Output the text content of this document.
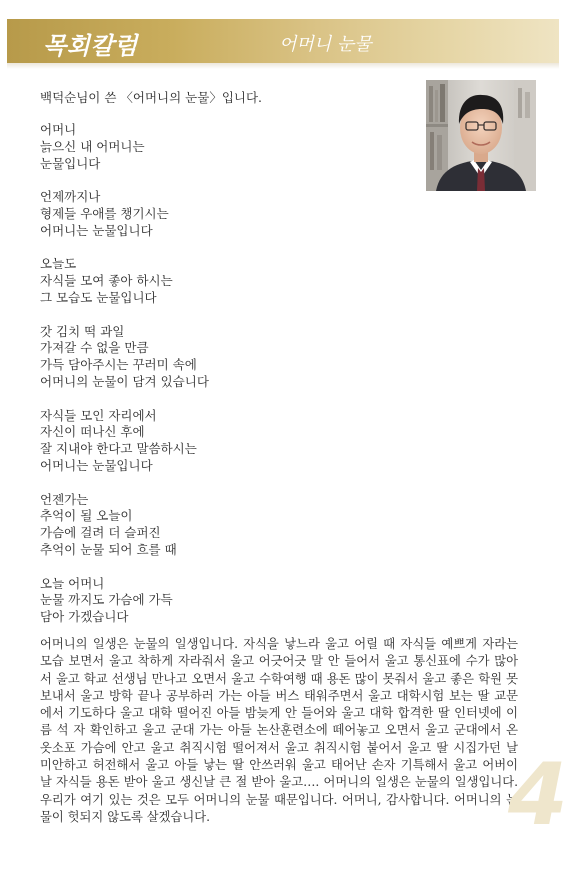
목회칼럼	어머니 눈물
백덕순님이 쓴 〈어머니의 눈물〉입니다.
어머니
늙으신 내 어머니는
눈물입니다
언제까지나
형제들 우애를 챙기시는
어머니는 눈물입니다
오늘도
자식들 모여 좋아 하시는
그 모습도 눈물입니다
갓 김치 떡 과일
가져갈 수 없을 만큼
가득 담아주시는 꾸러미 속에
어머니의 눈물이 담겨 있습니다
자식들 모인 자리에서
자신이 떠나신 후에
잘 지내야 한다고 말씀하시는
어머니는 눈물입니다
언젠가는
추억이 될 오늘이
가슴에 걸려 더 슬퍼진
추억이 눈물 되어 흐를 때
오늘 어머니
눈물 까지도 가슴에 가득
담아 가겠습니다
어머니의 일생은 눈물의 일생입니다. 자식을 낳느라 울고 어릴 때 자식들 예쁘게 자라는 모습 보면서 울고 착하게 자라줘서 울고 어긋어긋 말 안 들어서 울고 통신표에 수가 많아서 울고 학교 선생님 만나고 오면서 울고 수학여행 때 용돈 많이 못줘서 울고 좋은 학원 못 보내서 울고 방학 끝나 공부하러 가는 아들 버스 태워주면서 울고 대학시험 보는 딸 교문에서 기도하다 울고 대학 떨어진 아들 밤늦게 안 들어와 울고 대학 합격한 딸 인터넷에 이름 석 자 확인하고 울고 군대 가는 아들 논산훈련소에 떼어놓고 오면서 울고 군대에서 온 옷소포 가슴에 안고 울고 취직시험 떨어져서 울고 취직시험 붙어서 울고 딸 시집가던 날 미안하고 허전해서 울고 아들 낳는 딸 안쓰러워 울고 태어난 손자 기특해서 울고 어버이 날 자식들 용돈 받아 울고 생신날 큰 절 받아 울고…. 어머니의 일생은 눈물의 일생입니다. 우리가 여기 있는 것은 모두 어머니의 눈물 때문입니다. 어머니, 감사합니다. 어머니의 눈물이 헛되지 않도록 살겠습니다.	4
